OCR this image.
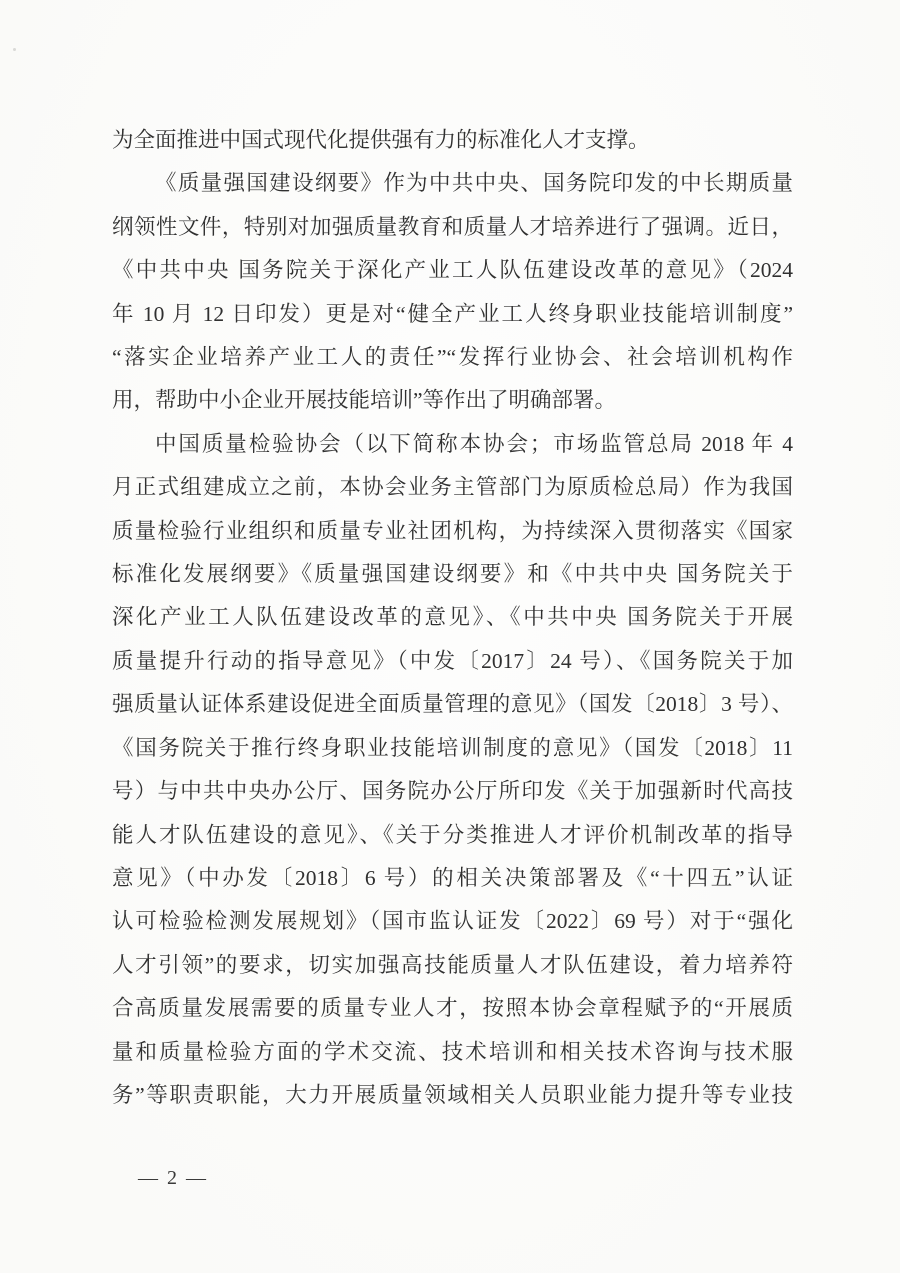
为全面推进中国式现代化提供强有力的标准化人才支撑。
《质量强国建设纲要》作为中共中央、国务院印发的中长期质量
纲领性文件，特别对加强质量教育和质量人才培养进行了强调。近日，
《中共中央 国务院关于深化产业工人队伍建设改革的意见》（2024
年 10 月 12 日印发）更是对“健全产业工人终身职业技能培训制度”
“落实企业培养产业工人的责任”“发挥行业协会、社会培训机构作
用，帮助中小企业开展技能培训”等作出了明确部署。
中国质量检验协会（以下简称本协会；市场监管总局 2018 年 4
月正式组建成立之前，本协会业务主管部门为原质检总局）作为我国
质量检验行业组织和质量专业社团机构，为持续深入贯彻落实《国家
标准化发展纲要》《质量强国建设纲要》和《中共中央 国务院关于
深化产业工人队伍建设改革的意见》、《中共中央 国务院关于开展
质量提升行动的指导意见》（中发〔2017〕24 号）、《国务院关于加
强质量认证体系建设促进全面质量管理的意见》（国发〔2018〕3 号）、
《国务院关于推行终身职业技能培训制度的意见》（国发〔2018〕11
号）与中共中央办公厅、国务院办公厅所印发《关于加强新时代高技
能人才队伍建设的意见》、《关于分类推进人才评价机制改革的指导
意见》（中办发〔2018〕6 号）的相关决策部署及《“十四五”认证
认可检验检测发展规划》（国市监认证发〔2022〕69 号）对于“强化
人才引领”的要求，切实加强高技能质量人才队伍建设，着力培养符
合高质量发展需要的质量专业人才，按照本协会章程赋予的“开展质
量和质量检验方面的学术交流、技术培训和相关技术咨询与技术服
务”等职责职能，大力开展质量领域相关人员职业能力提升等专业技
— 2 —
